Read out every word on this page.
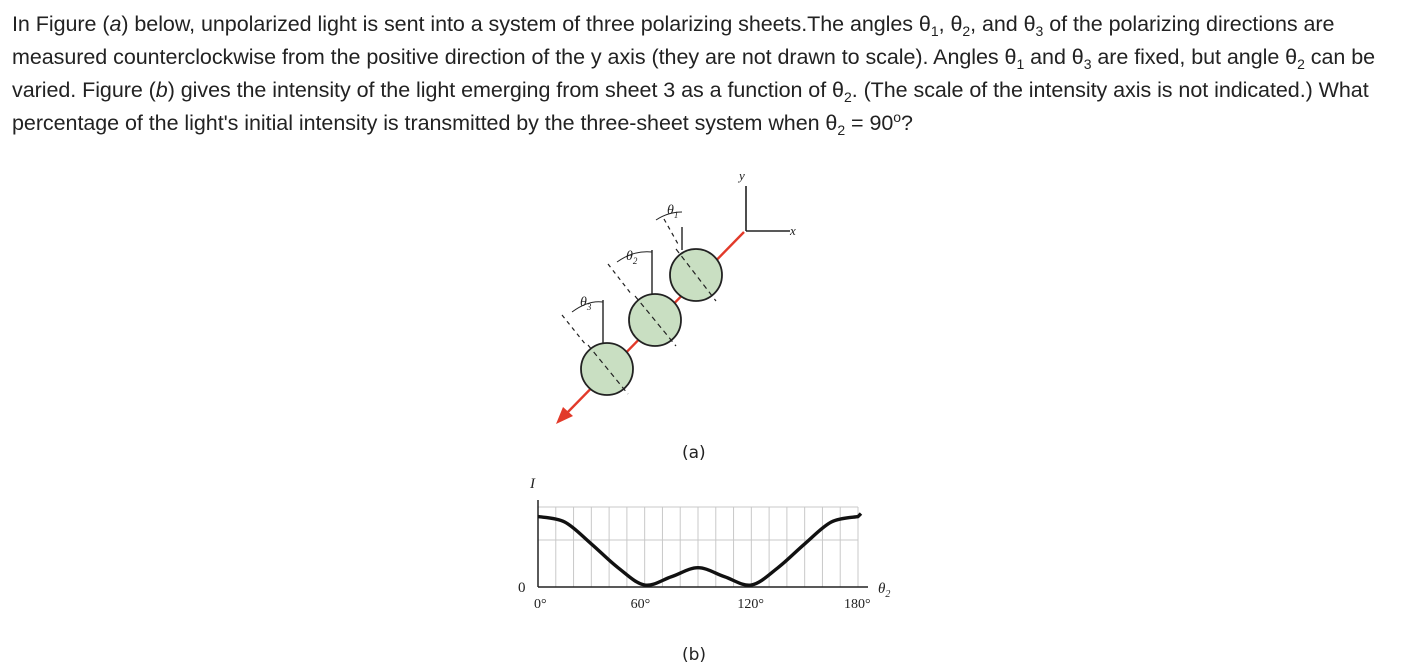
In Figure (a) below, unpolarized light is sent into a system of three polarizing sheets.The angles $\theta_1$, $\theta_2$, and $\theta_3$ of the polarizing directions are measured counterclockwise from the positive direction of the y axis (they are not drawn to scale). Angles $\theta_1$ and $\theta_3$ are fixed, but angle $\theta_2$ can be varied. Figure (b) gives the intensity of the light emerging from sheet 3 as a function of $\theta_2$. (The scale of the intensity axis is not indicated.) What percentage of the light's initial intensity is transmitted by the three-sheet system when $\theta_2 = 90^o$?
y
x
$\theta_1$
$\theta_2$
$\theta_3$
(a)
0°	60°	120°	180°
I
0	$\theta_2$
(b)
